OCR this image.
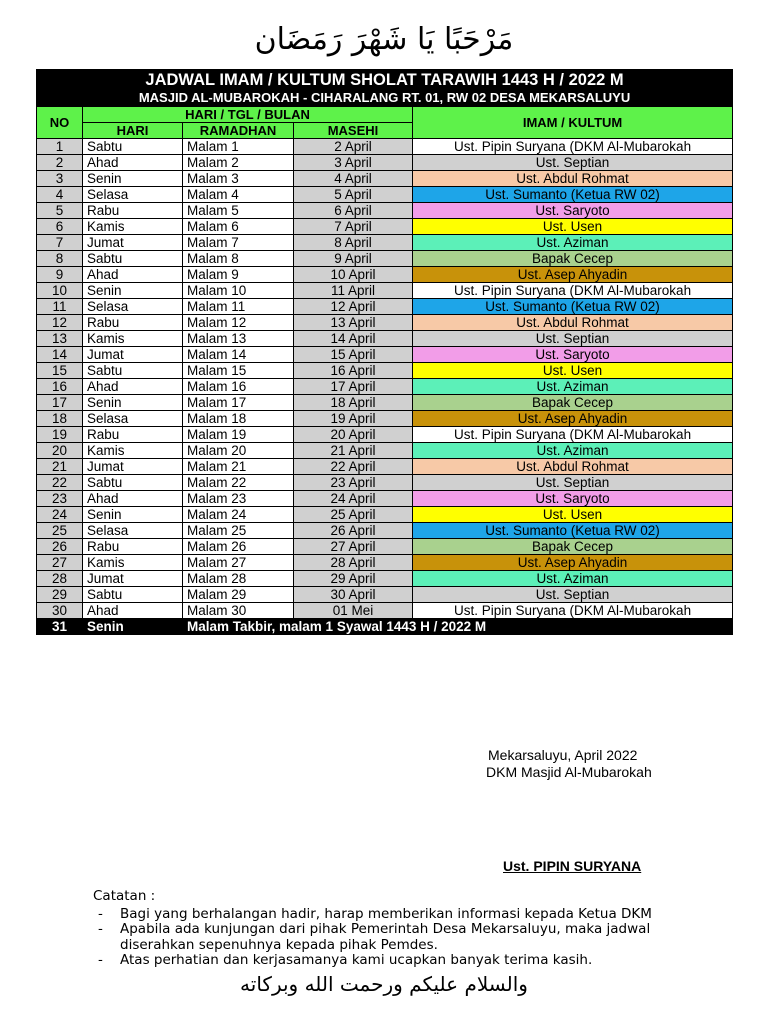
مَرْحَبًا يَا شَهْرَ رَمَضَان
JADWAL IMAM / KULTUM SHOLAT TARAWIH 1443 H / 2022 M
MASJID AL-MUBAROKAH - CIHARALANG RT. 01, RW 02 DESA MEKARSALUYU				

NO	HARI / TGL / BULAN			IMAM / KULTUM
	HARI	RAMADHAN	MASEHI	
1	Sabtu	Malam 1	2 April	Ust. Pipin Suryana (DKM Al-Mubarokah
2	Ahad	Malam 2	3 April	Ust. Septian
3	Senin	Malam 3	4 April	Ust. Abdul Rohmat
4	Selasa	Malam 4	5 April	Ust. Sumanto (Ketua RW 02)
5	Rabu	Malam 5	6 April	Ust. Saryoto
6	Kamis	Malam 6	7 April	Ust. Usen
7	Jumat	Malam 7	8 April	Ust. Aziman
8	Sabtu	Malam 8	9 April	Bapak Cecep
9	Ahad	Malam 9	10 April	Ust. Asep Ahyadin
10	Senin	Malam 10	11 April	Ust. Pipin Suryana (DKM Al-Mubarokah
11	Selasa	Malam 11	12 April	Ust. Sumanto (Ketua RW 02)
12	Rabu	Malam 12	13 April	Ust. Abdul Rohmat
13	Kamis	Malam 13	14 April	Ust. Septian
14	Jumat	Malam 14	15 April	Ust. Saryoto
15	Sabtu	Malam 15	16 April	Ust. Usen
16	Ahad	Malam 16	17 April	Ust. Aziman
17	Senin	Malam 17	18 April	Bapak Cecep
18	Selasa	Malam 18	19 April	Ust. Asep Ahyadin
19	Rabu	Malam 19	20 April	Ust. Pipin Suryana (DKM Al-Mubarokah
20	Kamis	Malam 20	21 April	Ust. Aziman
21	Jumat	Malam 21	22 April	Ust. Abdul Rohmat
22	Sabtu	Malam 22	23 April	Ust. Septian
23	Ahad	Malam 23	24 April	Ust. Saryoto
24	Senin	Malam 24	25 April	Ust. Usen
25	Selasa	Malam 25	26 April	Ust. Sumanto (Ketua RW 02)
26	Rabu	Malam 26	27 April	Bapak Cecep
27	Kamis	Malam 27	28 April	Ust. Asep Ahyadin
28	Jumat	Malam 28	29 April	Ust. Aziman
29	Sabtu	Malam 29	30 April	Ust. Septian
30	Ahad	Malam 30	01 Mei	Ust. Pipin Suryana (DKM Al-Mubarokah
31	Senin	Malam Takbir, malam 1 Syawal 1443 H / 2022 M		
Mekarsaluyu, April 2022
DKM Masjid Al-Mubarokah
Ust. PIPIN SURYANA
Catatan :
- Bagi yang berhalangan hadir, harap memberikan informasi kepada Ketua DKM
- Apabila ada kunjungan dari pihak Pemerintah Desa Mekarsaluyu, maka jadwal diserahkan sepenuhnya kepada pihak Pemdes.
- Atas perhatian dan kerjasamanya kami ucapkan banyak terima kasih.
والسلام عليكم ورحمت الله وبركاته
